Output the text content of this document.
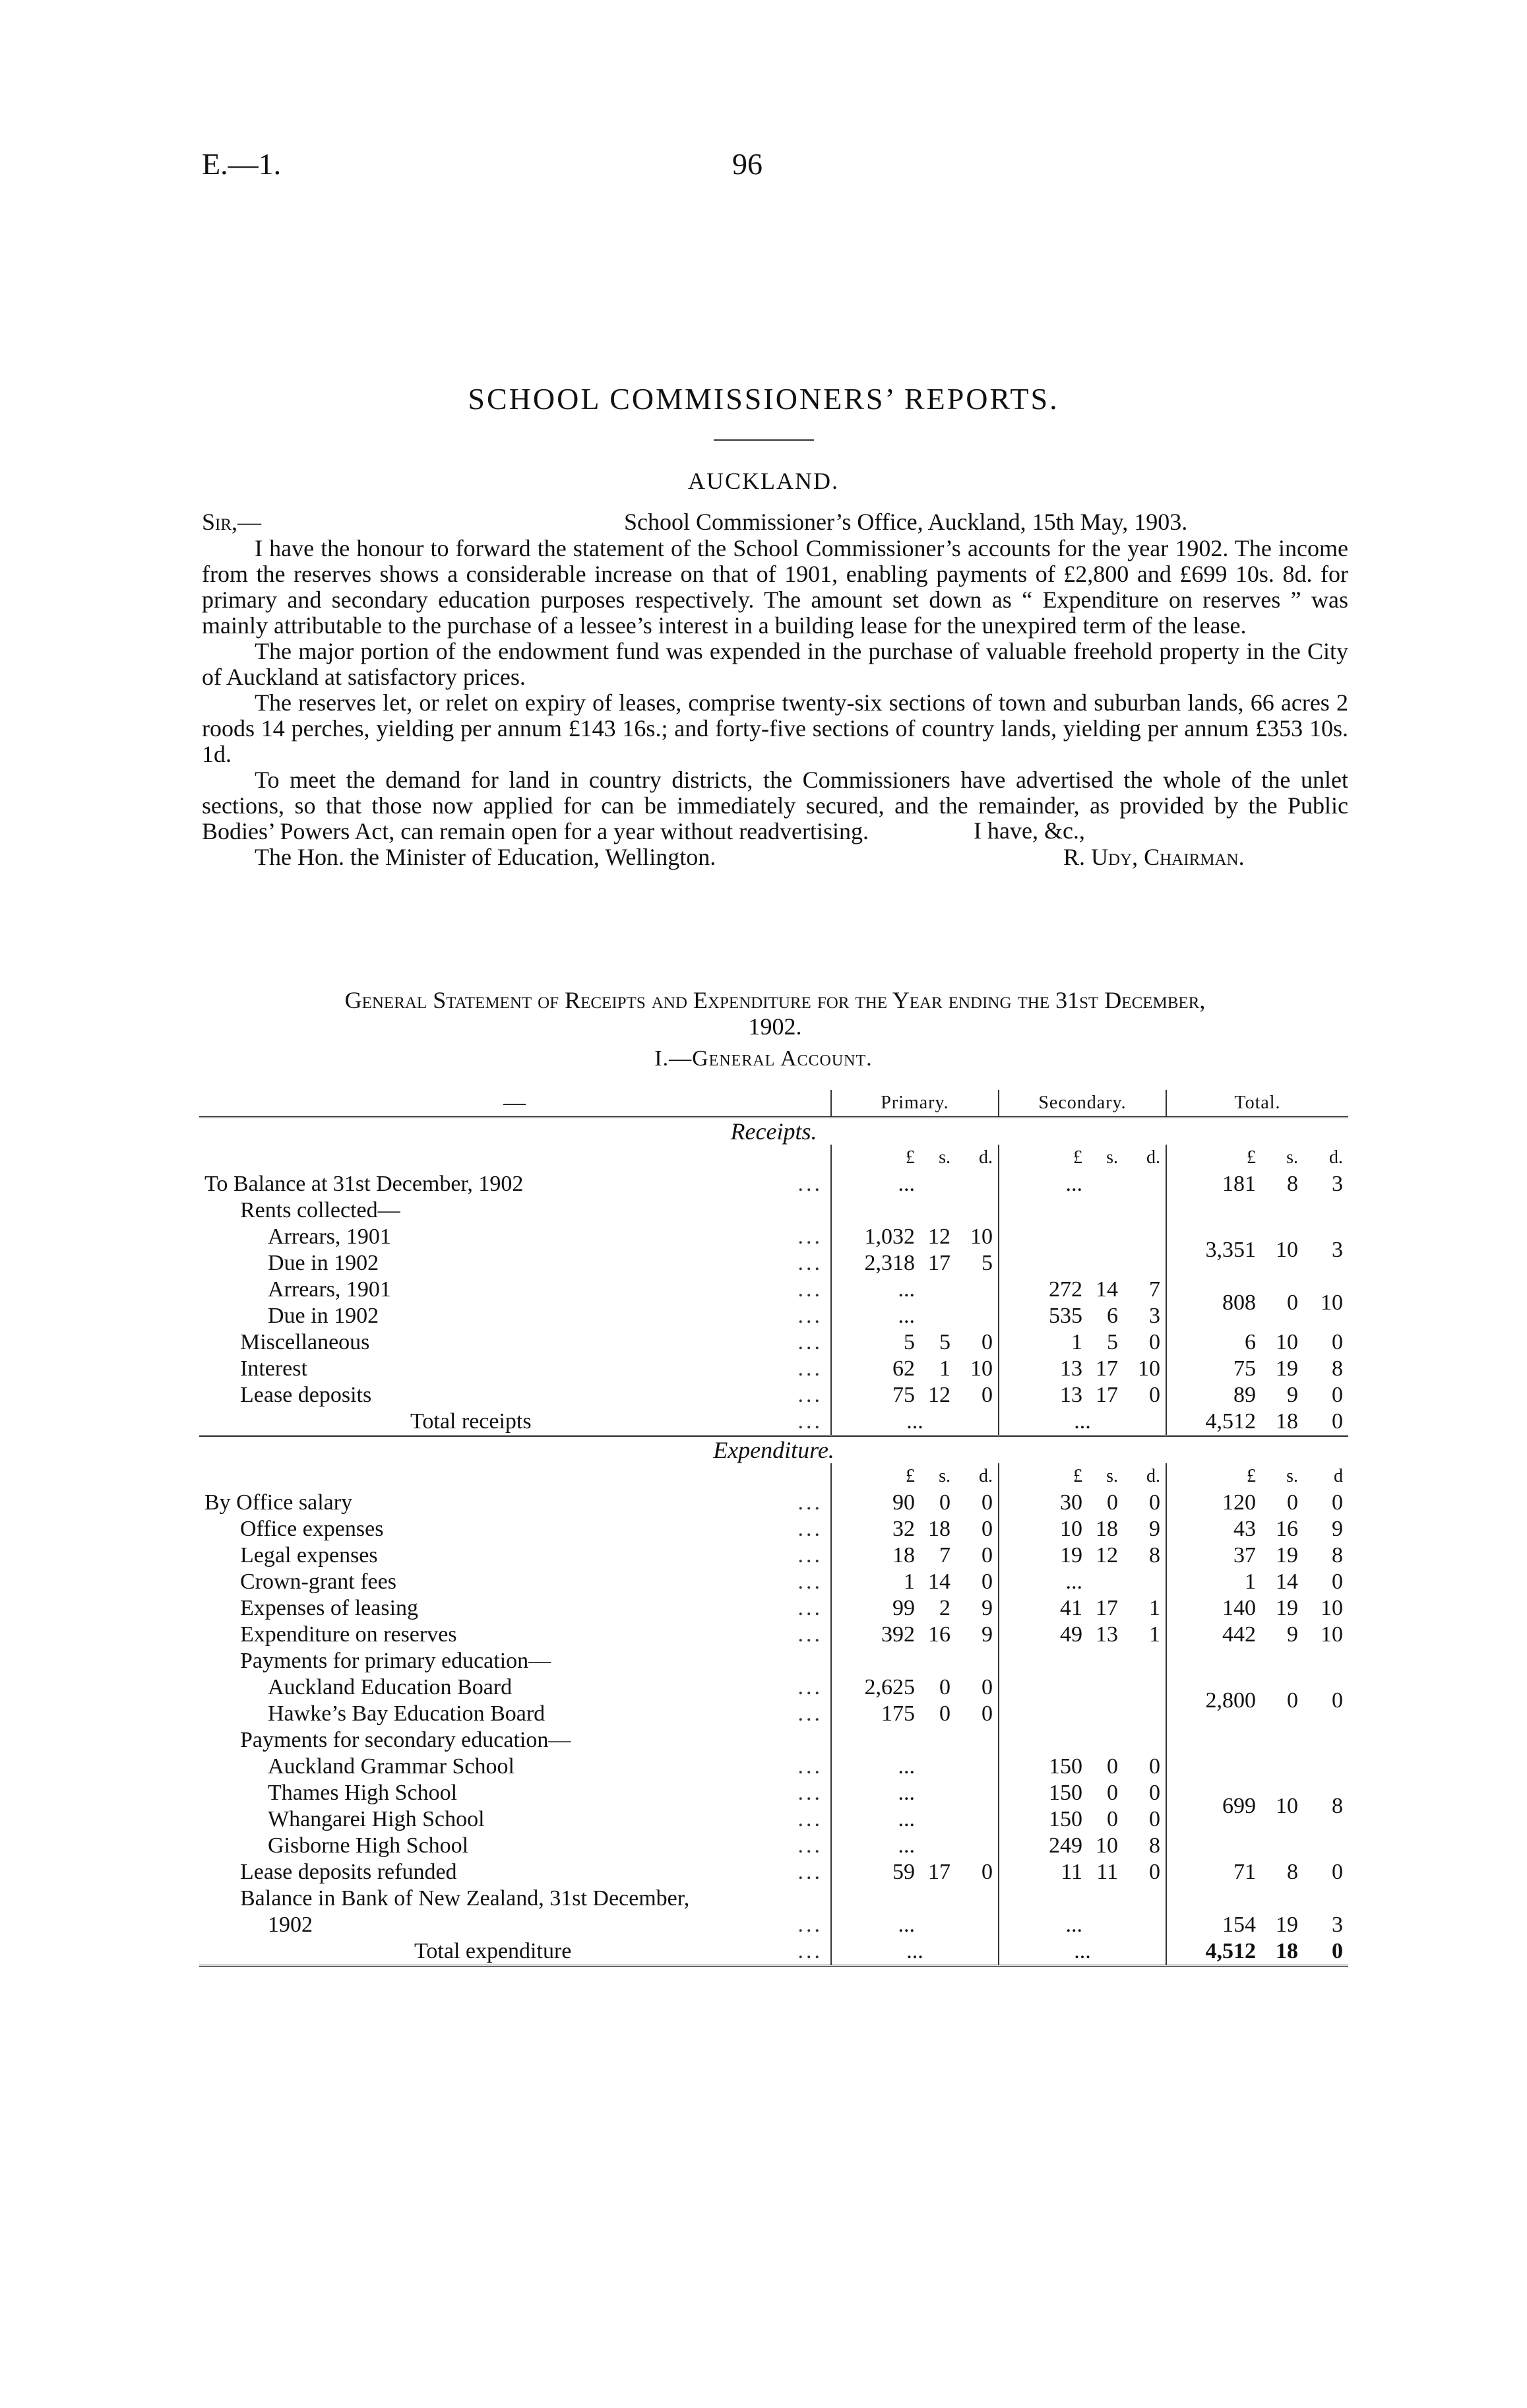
E.—1.	96
SCHOOL COMMISSIONERS’ REPORTS.
AUCKLAND.
Sir,—	School Commissioner’s Office, Auckland, 15th May, 1903.

I have the honour to forward the statement of the School Commissioner’s accounts for the year 1902. The income from the reserves shows a considerable increase on that of 1901, enabling payments of £2,800 and £699 10s. 8d. for primary and secondary education purposes respectively. The amount set down as “ Expenditure on reserves ” was mainly attributable to the purchase of a lessee’s interest in a building lease for the unexpired term of the lease.

The major portion of the endowment fund was expended in the purchase of valuable freehold property in the City of Auckland at satisfactory prices.

The reserves let, or relet on expiry of leases, comprise twenty-six sections of town and suburban lands, 66 acres 2 roods 14 perches, yielding per annum £143 16s.; and forty-five sections of country lands, yielding per annum £353 10s. 1d.

To meet the demand for land in country districts, the Commissioners have advertised the whole of the unlet sections, so that those now applied for can be immediately secured, and the remainder, as provided by the Public Bodies’ Powers Act, can remain open for a year without readvertising.	I have, &c.,
The Hon. the Minister of Education, Wellington.	R. Udy, Chairman.
General Statement of Receipts and Expenditure for the Year ending the 31st December,
1902.
I.—General Account.
—	Primary.	Secondary.	Total.
Receipts.			

	£ s. d.	£ s. d.	£ s. d.

To Balance at 31st December, 1902 ...	...	...	181 8 3

Rents collected—			
Arrears, 1901 ...	1,032 12 10		3,351 10 3

Due in 1902 ...	2,318 17 5		

Arrears, 1901 ...	...	272 14 7	808 0 10

Due in 1902 ...	...	535 6 3	

Miscellaneous ...	5 5 0	1 5 0	6 10 0

Interest ...	62 1 10	13 17 10	75 19 8

Lease deposits ...	75 12 0	13 17 0	89 9 0

Total receipts ...	...	...	4,512 18 0

Expenditure.			

	£ s. d.	£ s. d.	£ s. d

By Office salary ...	90 0 0	30 0 0	120 0 0

Office expenses ...	32 18 0	10 18 9	43 16 9

Legal expenses ...	18 7 0	19 12 8	37 19 8

Crown-grant fees ...	1 14 0	...	1 14 0

Expenses of leasing ...	99 2 9	41 17 1	140 19 10

Expenditure on reserves ...	392 16 9	49 13 1	442 9 10

Payments for primary education—			
Auckland Education Board ...	2,625 0 0		2,800 0 0

Hawke’s Bay Education Board ...	175 0 0		

Payments for secondary education—			
Auckland Grammar School ...	...	150 0 0	699 10 8

Thames High School ...	...	150 0 0	

Whangarei High School ...	...	150 0 0	

Gisborne High School ...	...	249 10 8	

Lease deposits refunded ...	59 17 0	11 11 0	71 8 0

Balance in Bank of New Zealand, 31st December,			
1902 ...	...	...	154 19 3

Total expenditure ...	...	...	4,512 18 0
